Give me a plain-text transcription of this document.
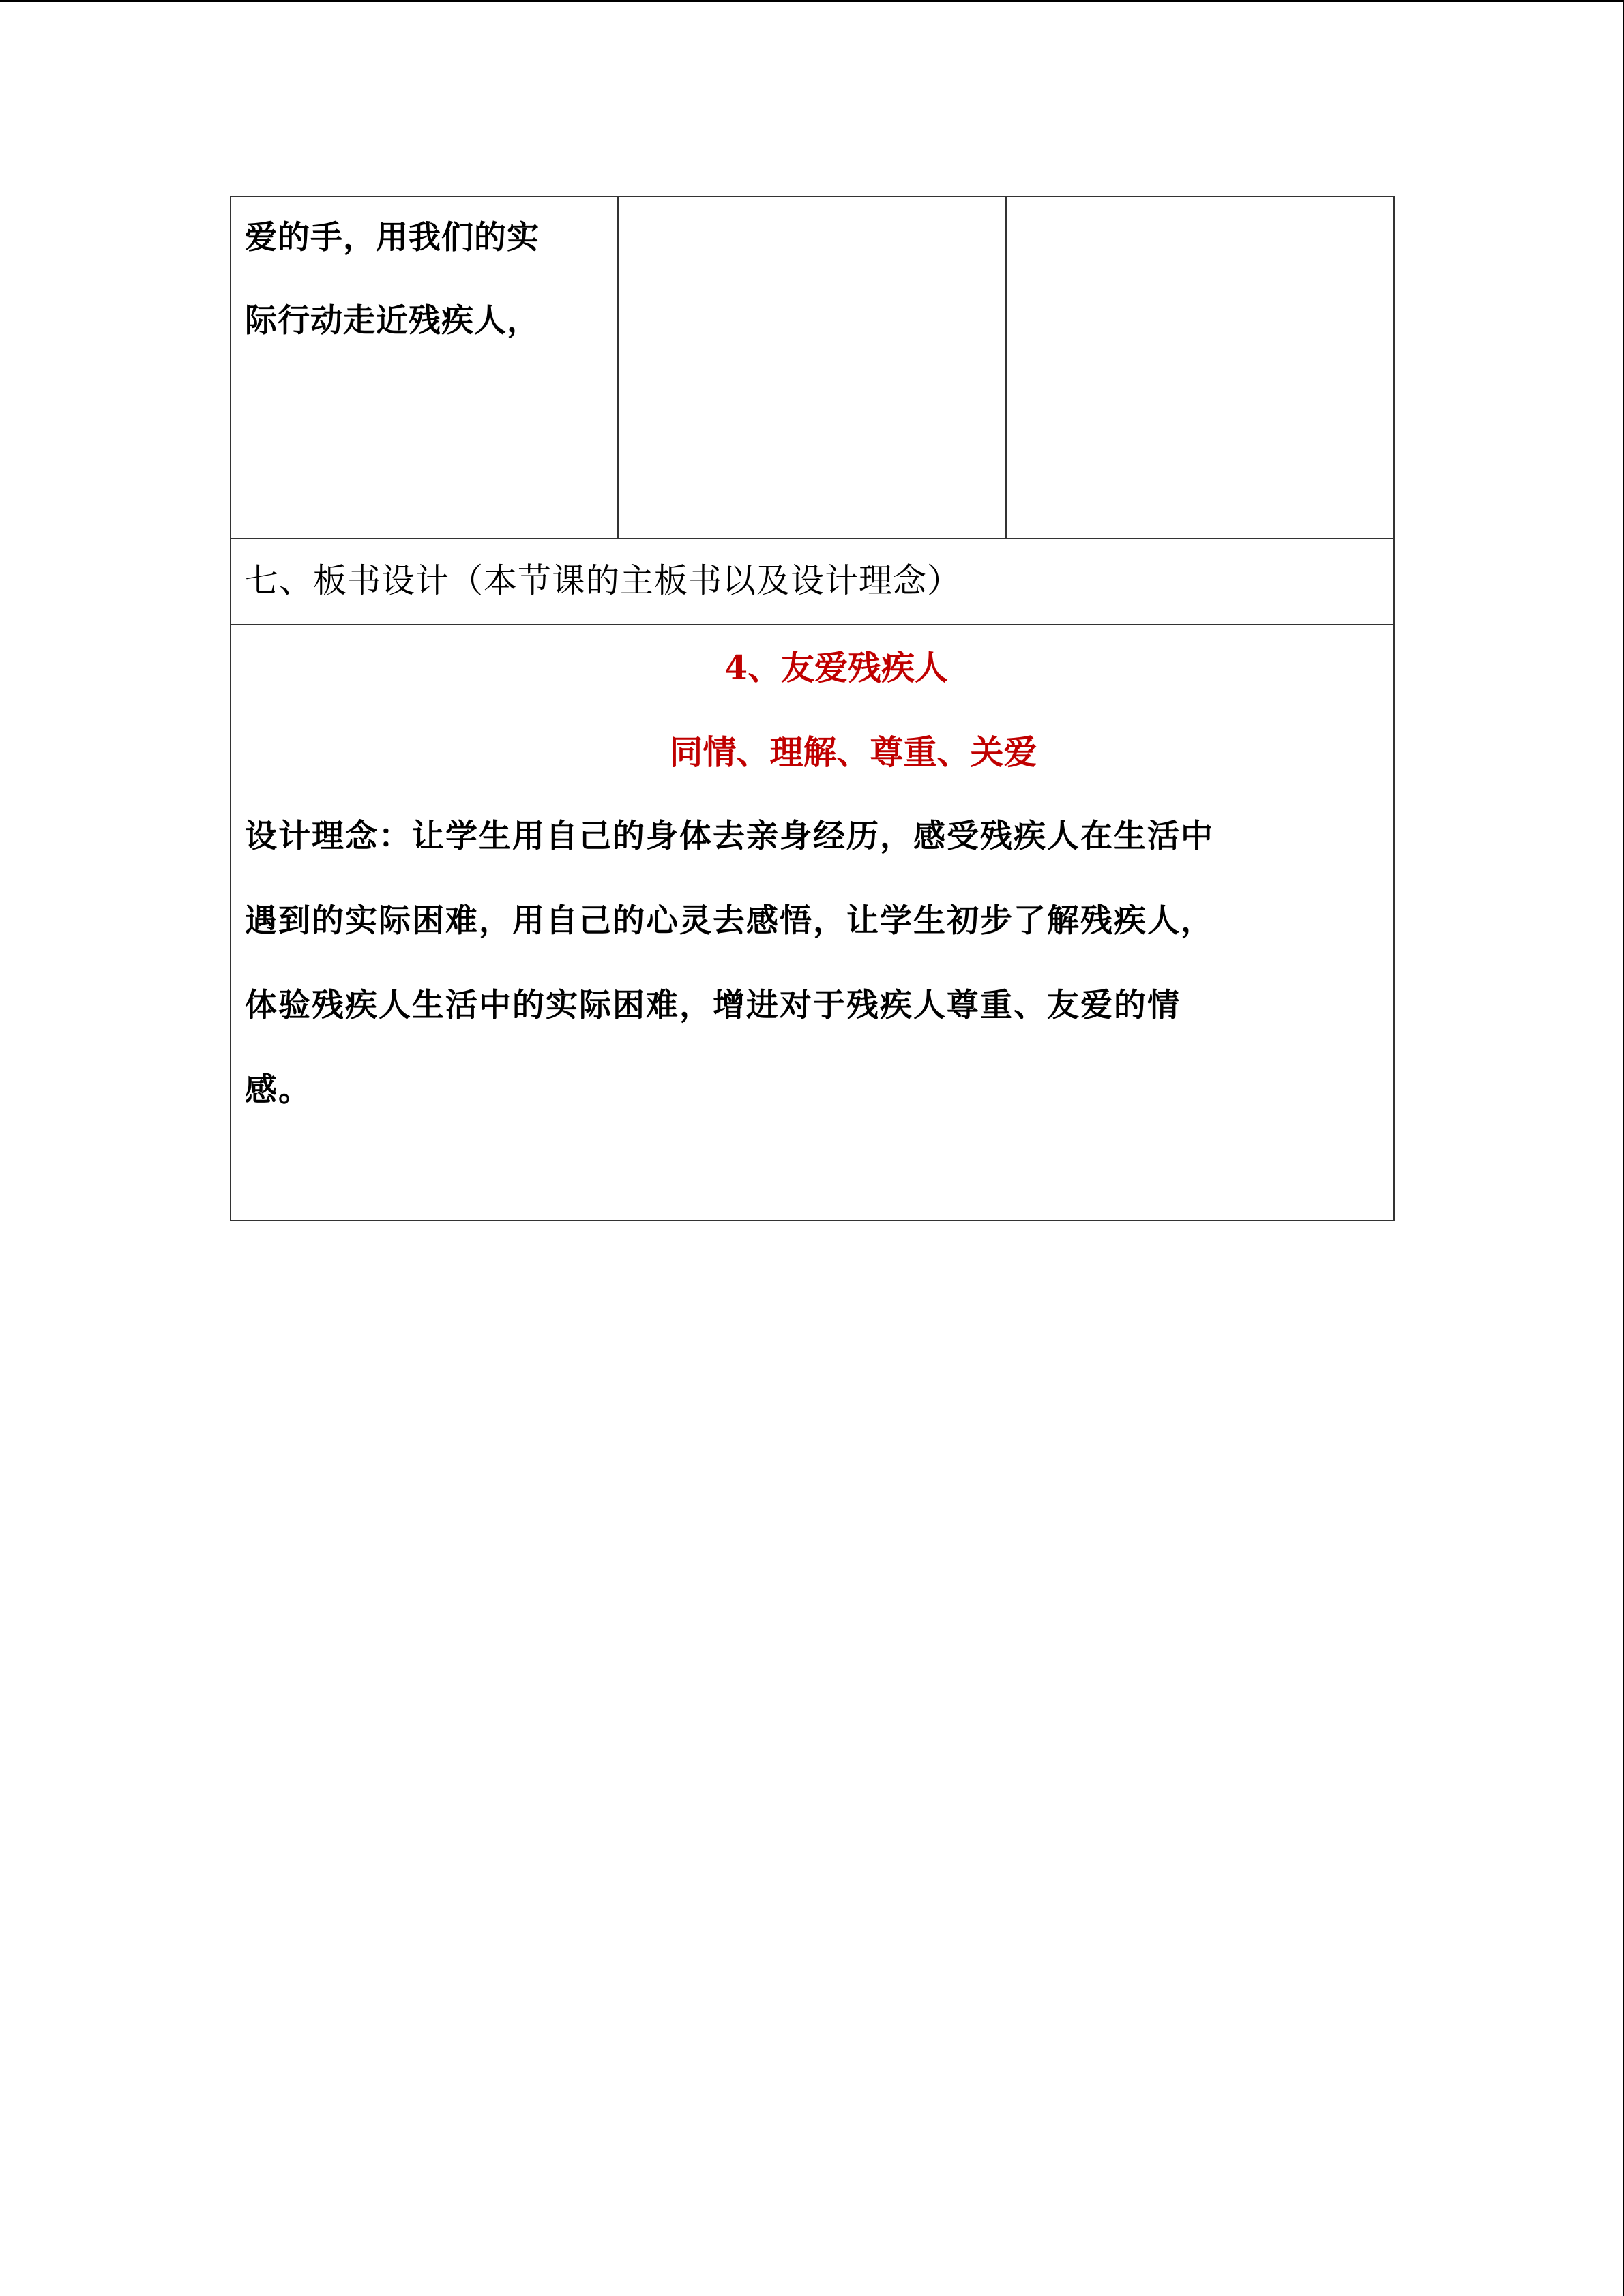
爱的手，用我们的实
际行动走近残疾人，

七、板书设计（本节课的主板书以及设计理念）

4、友爱残疾人
同情、理解、尊重、关爱
设计理念：让学生用自己的身体去亲身经历，感受残疾人在生活中
遇到的实际困难，用自己的心灵去感悟，让学生初步了解残疾人，
体验残疾人生活中的实际困难，增进对于残疾人尊重、友爱的情
感。
